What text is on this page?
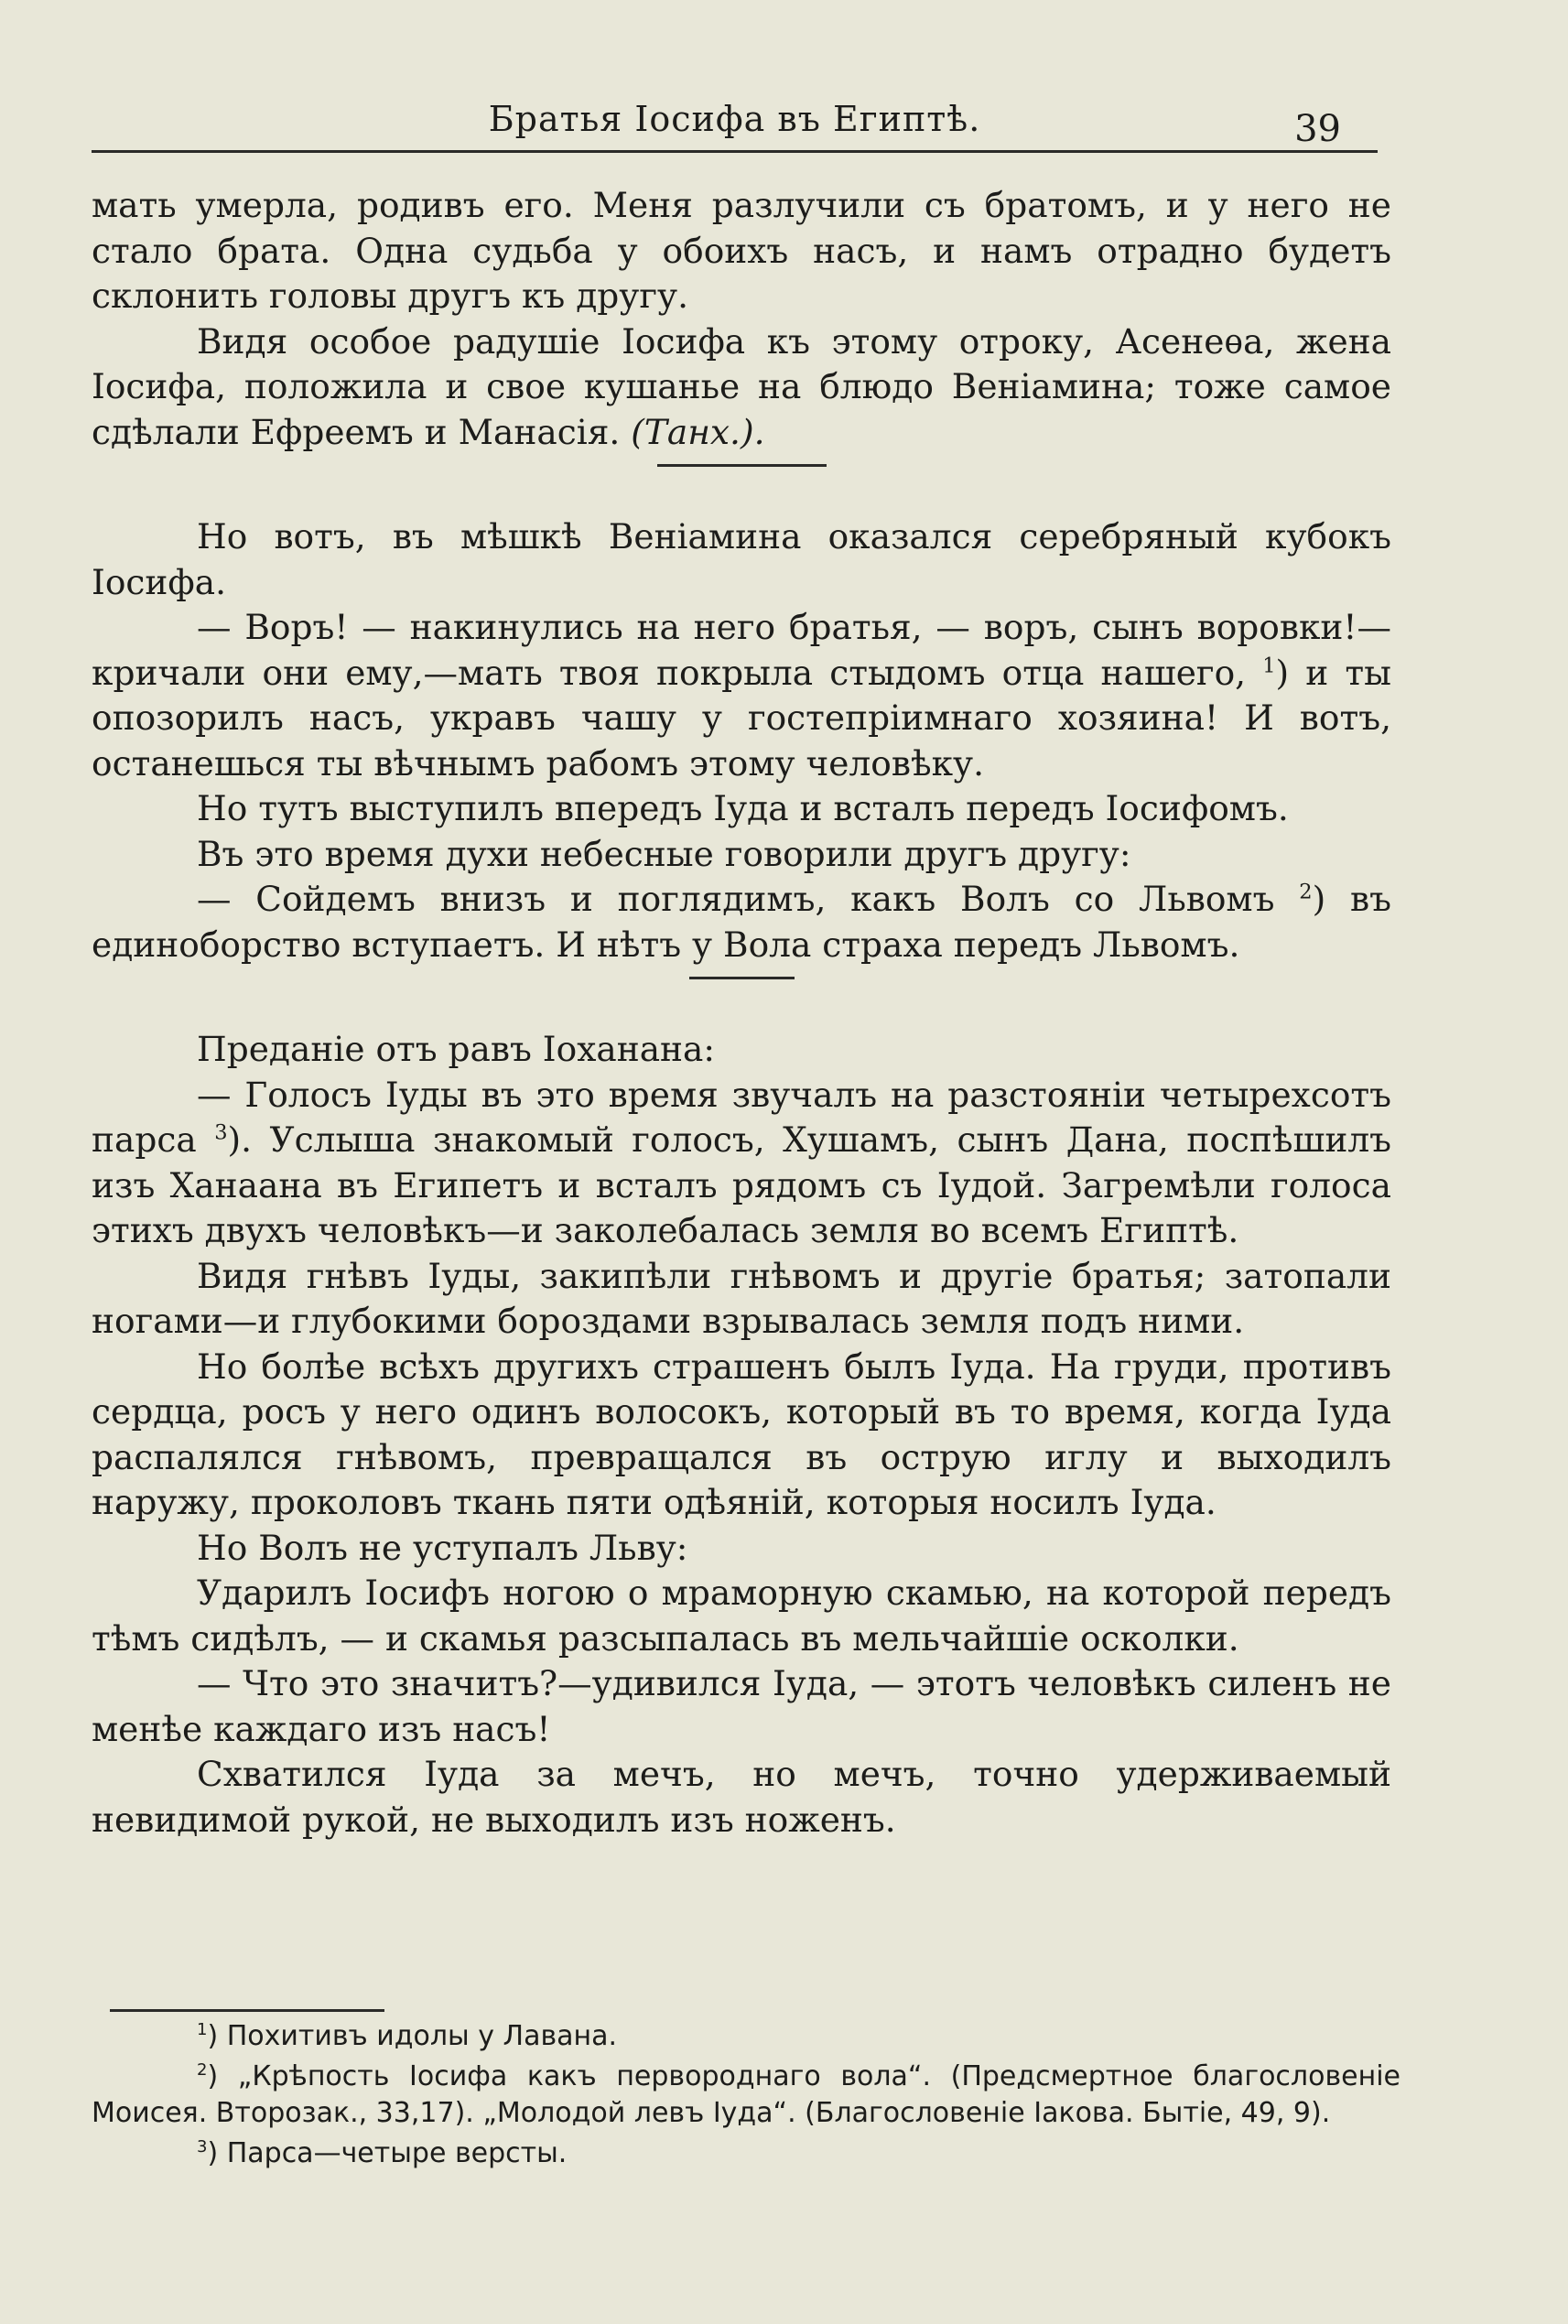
Братья Іосифа въ Египтѣ.	39

мать умерла, родивъ его. Меня разлучили съ братомъ, и у него не стало брата. Одна судьба у обоихъ насъ, и намъ отрадно будетъ склонить головы другъ къ другу.

Видя особое радушіе Іосифа къ этому отроку, Асенеѳа, жена Іосифа, положила и свое кушанье на блюдо Веніамина; тоже самое сдѣлали Ефреемъ и Манасія. (Танх.).

Но вотъ, въ мѣшкѣ Веніамина оказался серебряный кубокъ Іосифа.

— Воръ! — накинулись на него братья, — воръ, сынъ воровки!—кричали они ему,—мать твоя покрыла стыдомъ отца нашего, $^1$) и ты опозорилъ насъ, укравъ чашу у гостепріимнаго хозяина! И вотъ, останешься ты вѣчнымъ рабомъ этому человѣку.

Но тутъ выступилъ впередъ Іуда и всталъ передъ Іосифомъ.

Въ это время духи небесные говорили другъ другу:

— Сойдемъ внизъ и поглядимъ, какъ Волъ со Львомъ $^2$) въ единоборство вступаетъ. И нѣтъ у Вола страха передъ Львомъ.

Преданіе отъ равъ Іоханана:

— Голосъ Іуды въ это время звучалъ на разстояніи четырехсотъ парса $^3$). Услыша знакомый голосъ, Хушамъ, сынъ Дана, поспѣшилъ изъ Ханаана въ Египетъ и всталъ рядомъ съ Іудой. Загремѣли голоса этихъ двухъ человѣкъ—и заколебалась земля во всемъ Египтѣ.

Видя гнѣвъ Іуды, закипѣли гнѣвомъ и другіе братья; затопали ногами—и глубокими бороздами взрывалась земля подъ ними.

Но болѣе всѣхъ другихъ страшенъ былъ Іуда. На груди, противъ сердца, росъ у него одинъ волосокъ, который въ то время, когда Іуда распалялся гнѣвомъ, превращался въ острую иглу и выходилъ наружу, проколовъ ткань пяти одѣяній, которыя носилъ Іуда.

Но Волъ не уступалъ Льву:

Ударилъ Іосифъ ногою о мраморную скамью, на которой передъ тѣмъ сидѣлъ, — и скамья разсыпалась въ мельчайшіе осколки.

— Что это значитъ?—удивился Іуда, — этотъ человѣкъ силенъ не менѣе каждаго изъ насъ!

Схватился Іуда за мечъ, но мечъ, точно удерживаемый невидимой рукой, не выходилъ изъ ноженъ.

$^1$) Похитивъ идолы у Лавана.

$^2$) „Крѣпость Іосифа какъ первороднаго вола“. (Предсмертное благословеніе Моисея. Второзак., 33,17). „Молодой левъ Іуда“. (Благословеніе Іакова. Бытіе, 49, 9).

$^3$) Парса—четыре версты.
